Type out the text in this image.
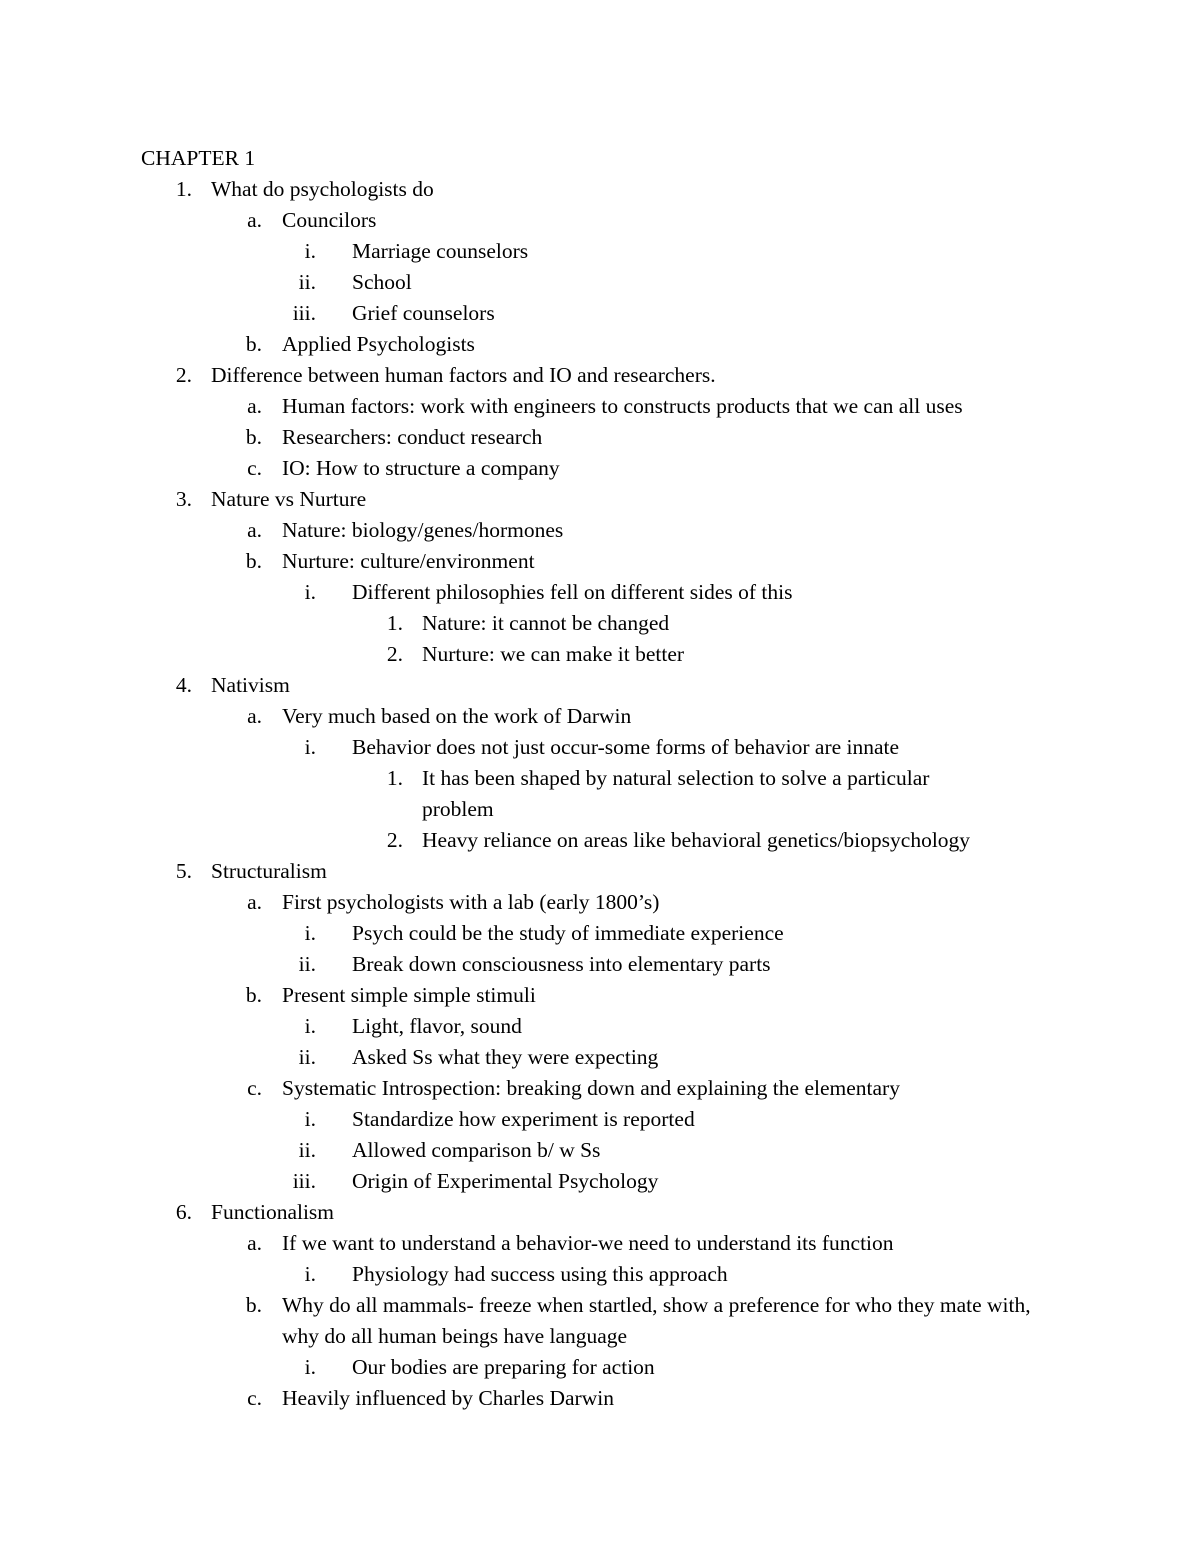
CHAPTER 1
1. What do psychologists do
a. Councilors
i. Marriage counselors
ii. School
iii. Grief counselors
b. Applied Psychologists
2. Difference between human factors and IO and researchers.
a. Human factors: work with engineers to constructs products that we can all uses
b. Researchers: conduct research
c. IO: How to structure a company
3. Nature vs Nurture
a. Nature: biology/genes/hormones
b. Nurture: culture/environment
i. Different philosophies fell on different sides of this
1. Nature: it cannot be changed
2. Nurture: we can make it better
4. Nativism
a. Very much based on the work of Darwin
i. Behavior does not just occur-some forms of behavior are innate
1. It has been shaped by natural selection to solve a particular problem
2. Heavy reliance on areas like behavioral genetics/biopsychology
5. Structuralism
a. First psychologists with a lab (early 1800’s)
i. Psych could be the study of immediate experience
ii. Break down consciousness into elementary parts
b. Present simple simple stimuli
i. Light, flavor, sound
ii. Asked Ss what they were expecting
c. Systematic Introspection: breaking down and explaining the elementary
i. Standardize how experiment is reported
ii. Allowed comparison b/ w Ss
iii. Origin of Experimental Psychology
6. Functionalism
a. If we want to understand a behavior-we need to understand its function
i. Physiology had success using this approach
b. Why do all mammals- freeze when startled, show a preference for who they mate with, why do all human beings have language
i. Our bodies are preparing for action
c. Heavily influenced by Charles Darwin
